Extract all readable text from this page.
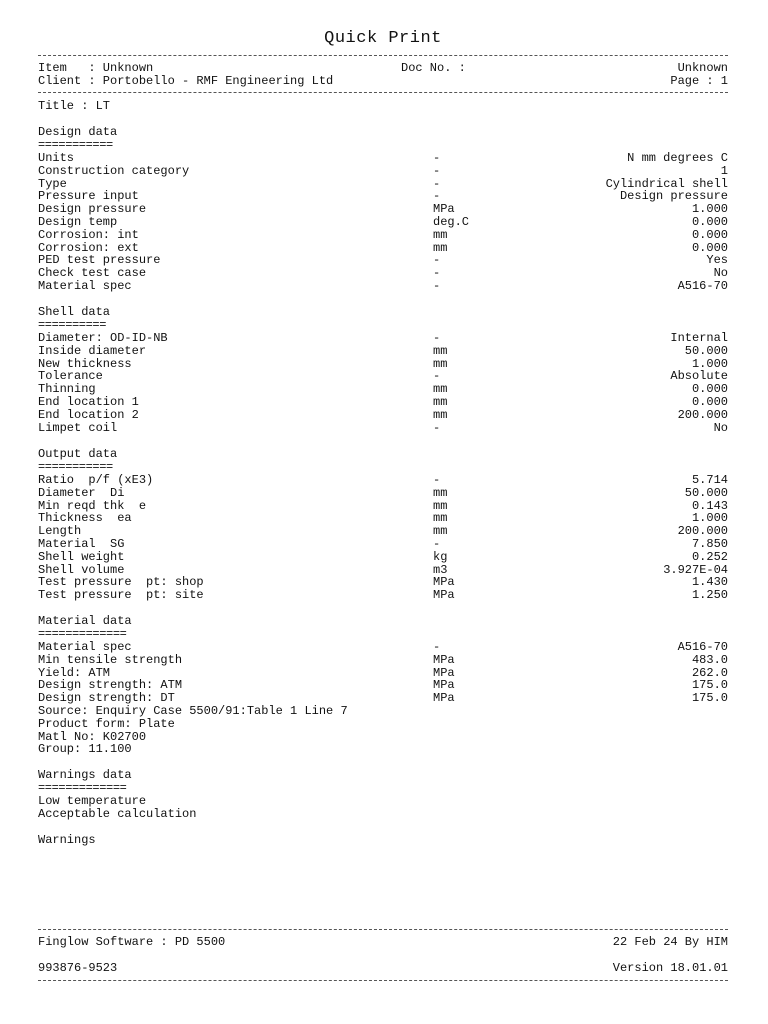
Quick Print

Item   : Unknown

	Doc No. :

	Unknown

Client : Portobello - RMF Engineering Ltd

	Page : 1

Title : LT
Design data
===========
Units	-	N mm degrees C
Construction category	-	1
Type	-	Cylindrical shell
Pressure input	-	Design pressure
Design pressure	MPa	1.000
Design temp	deg.C	0.000
Corrosion: int	mm	0.000
Corrosion: ext	mm	0.000
PED test pressure	-	Yes
Check test case	-	No
Material spec	-	A516-70
Shell data
==========
Diameter: OD-ID-NB	-	Internal
Inside diameter	mm	50.000
New thickness	mm	1.000
Tolerance	-	Absolute
Thinning	mm	0.000
End location 1	mm	0.000
End location 2	mm	200.000
Limpet coil	-	No
Output data
===========
Ratio  p/f (xE3)	-	5.714
Diameter  Di	mm	50.000
Min reqd thk  e	mm	0.143
Thickness  ea	mm	1.000
Length	mm	200.000
Material  SG	-	7.850
Shell weight	kg	0.252
Shell volume	m3	3.927E-04
Test pressure  pt: shop	MPa	1.430
Test pressure  pt: site	MPa	1.250
Material data
=============
Material spec	-	A516-70
Min tensile strength	MPa	483.0
Yield: ATM	MPa	262.0
Design strength: ATM	MPa	175.0
Design strength: DT	MPa	175.0
Source: Enquiry Case 5500/91:Table 1 Line 7
Product form: Plate
Matl No: K02700
Group: 11.100
Warnings data
=============
Low temperature
Acceptable calculation
Warnings

Finglow Software : PD 5500

	22 Feb 24 By HIM

993876-9523

	Version 18.01.01
